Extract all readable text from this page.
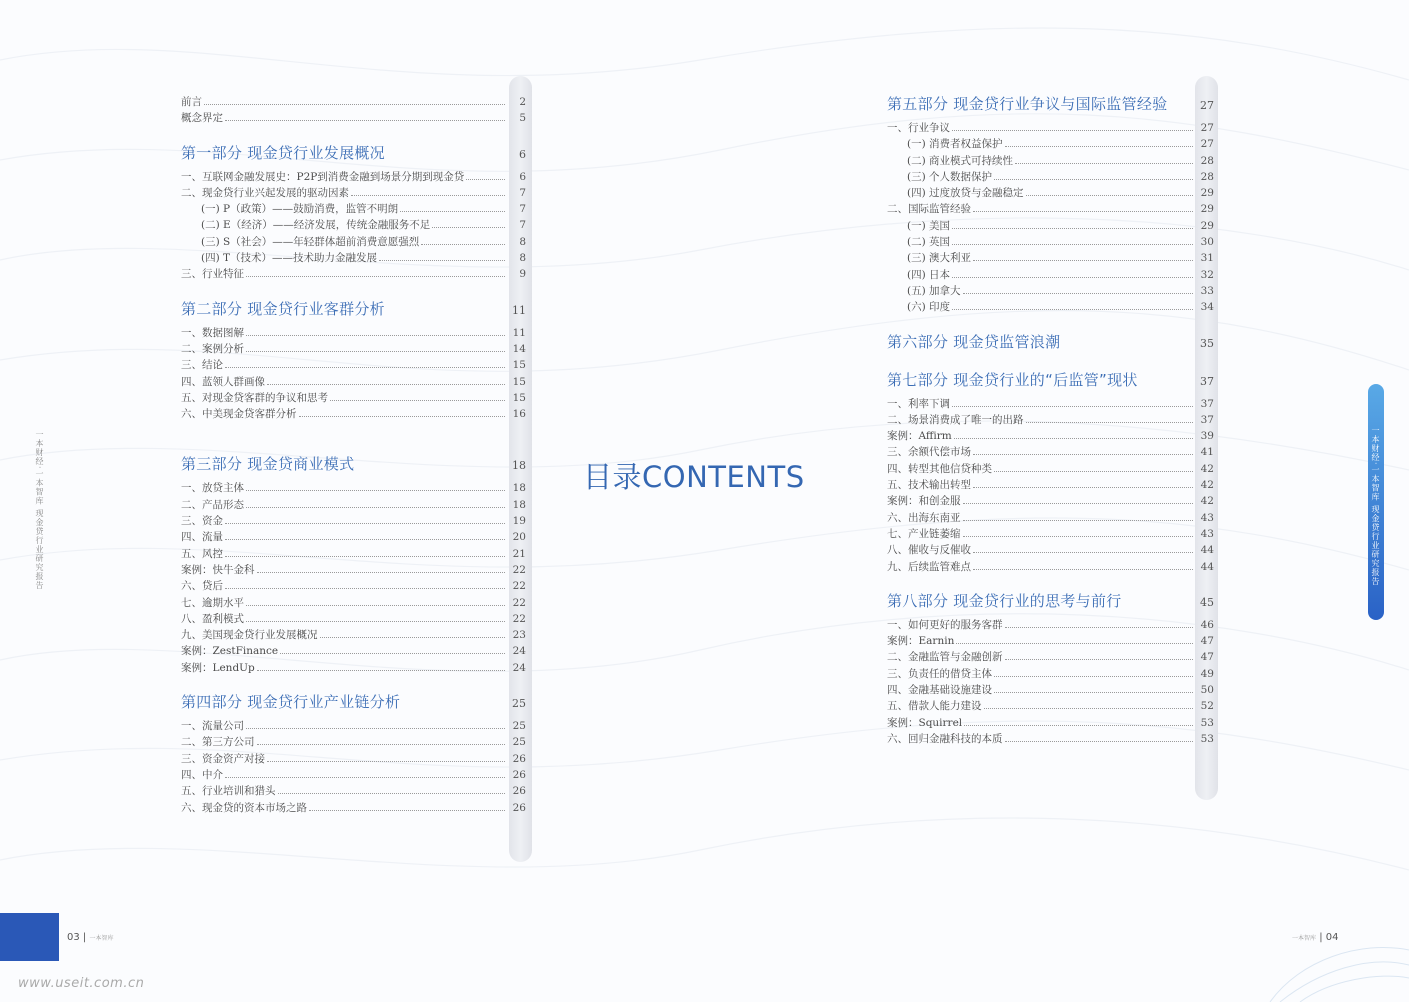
前言	2
概念界定	5
第一部分 现金贷行业发展概况	6
一、互联网金融发展史：P2P到消费金融到场景分期到现金贷	6
二、现金贷行业兴起发展的驱动因素	7
(一) P（政策）——鼓励消费，监管不明朗	7
(二) E（经济）——经济发展，传统金融服务不足	7
(三) S（社会）——年轻群体超前消费意愿强烈	8
(四) T（技术）——技术助力金融发展	8
三、行业特征	9
第二部分 现金贷行业客群分析	11
一、数据图解	11
二、案例分析	14
三、结论	15
四、蓝领人群画像	15
五、对现金贷客群的争议和思考	15
六、中美现金贷客群分析	16
第三部分 现金贷商业模式	18
一、放贷主体	18
二、产品形态	18
三、资金	19
四、流量	20
五、风控	21
案例：快牛金科	22
六、贷后	22
七、逾期水平	22
八、盈利模式	22
九、美国现金贷行业发展概况	23
案例：ZestFinance	24
案例：LendUp	24
第四部分 现金贷行业产业链分析	25
一、流量公司	25
二、第三方公司	25
三、资金资产对接	26
四、中介	26
五、行业培训和猎头	26
六、现金贷的资本市场之路	26
第五部分 现金贷行业争议与国际监管经验	27
一、行业争议	27
(一) 消费者权益保护	27
(二) 商业模式可持续性	28
(三) 个人数据保护	28
(四) 过度放贷与金融稳定	29
二、国际监管经验	29
(一) 美国	29
(二) 英国	30
(三) 澳大利亚	31
(四) 日本	32
(五) 加拿大	33
(六) 印度	34
第六部分 现金贷监管浪潮	35
第七部分 现金贷行业的“后监管”现状	37
一、利率下调	37
二、场景消费成了唯一的出路	37
案例：Affirm	39
三、余额代偿市场	41
四、转型其他信贷种类	42
五、技术输出转型	42
案例：和创金服	42
六、出海东南亚	43
七、产业链萎缩	43
八、催收与反催收	44
九、后续监管难点	44
第八部分 现金贷行业的思考与前行	45
一、如何更好的服务客群	46
案例：Earnin	47
二、金融监管与金融创新	47
三、负责任的借贷主体	49
四、金融基础设施建设	50
五、借款人能力建设	52
案例：Squirrel	53
六、回归金融科技的本质	53
目录CONTENTS
一本财经·一本智库 现金贷行业研究报告	一本财经·一本智库 现金贷行业研究报告
03 | 一本智库	一本智库 | 04
www.useit.com.cn
